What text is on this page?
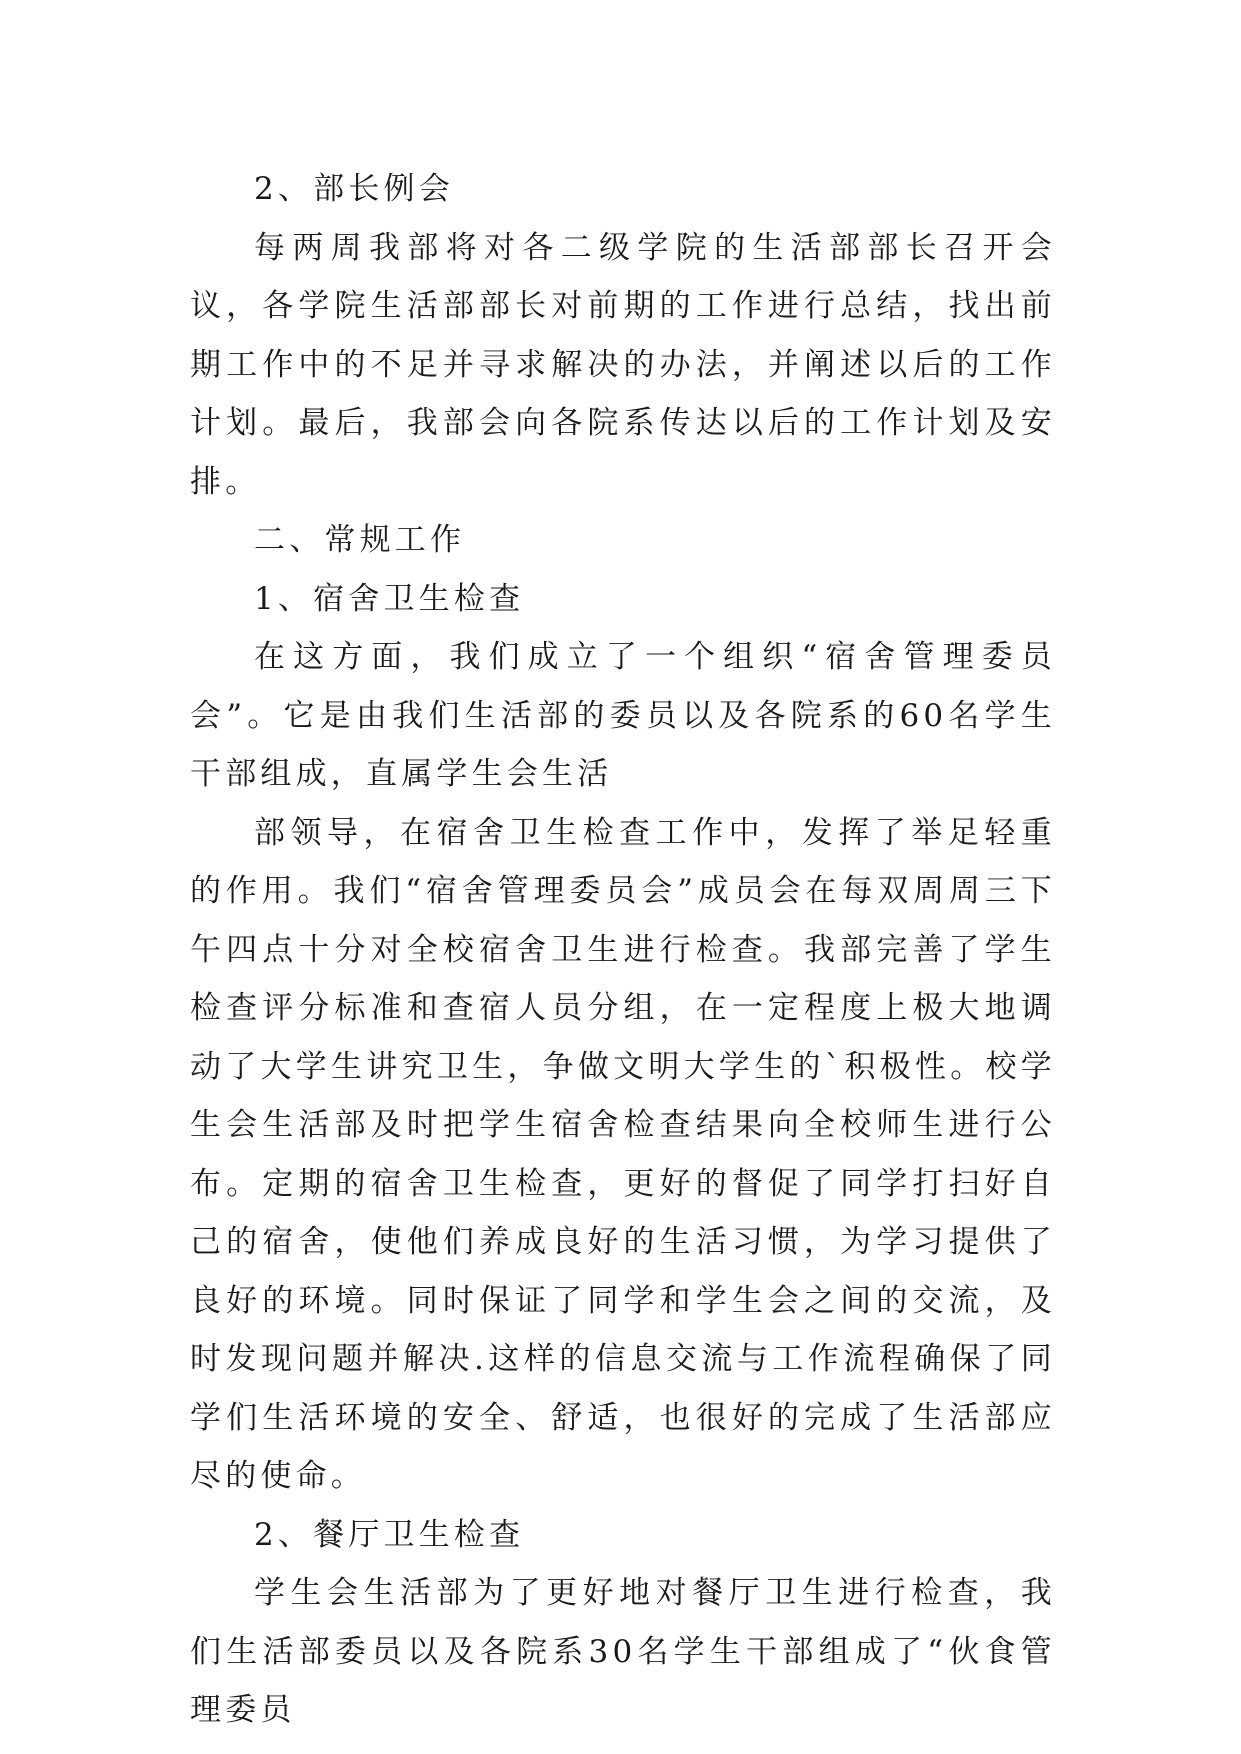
2、部长例会

每两周我部将对各二级学院的生活部部长召开会议，各学院生活部部长对前期的工作进行总结，找出前期工作中的不足并寻求解决的办法，并阐述以后的工作计划。最后，我部会向各院系传达以后的工作计划及安排。

二、常规工作

1、宿舍卫生检查

在这方面，我们成立了一个组织“宿舍管理委员会”。它是由我们生活部的委员以及各院系的60名学生干部组成，直属学生会生活

部领导，在宿舍卫生检查工作中，发挥了举足轻重的作用。我们“宿舍管理委员会”成员会在每双周周三下午四点十分对全校宿舍卫生进行检查。我部完善了学生检查评分标准和查宿人员分组，在一定程度上极大地调动了大学生讲究卫生，争做文明大学生的`积极性。校学生会生活部及时把学生宿舍检查结果向全校师生进行公布。定期的宿舍卫生检查，更好的督促了同学打扫好自己的宿舍，使他们养成良好的生活习惯，为学习提供了良好的环境。同时保证了同学和学生会之间的交流，及时发现问题并解决.这样的信息交流与工作流程确保了同学们生活环境的安全、舒适，也很好的完成了生活部应尽的使命。

2、餐厅卫生检查

学生会生活部为了更好地对餐厅卫生进行检查，我们生活部委员以及各院系30名学生干部组成了“伙食管理委员
